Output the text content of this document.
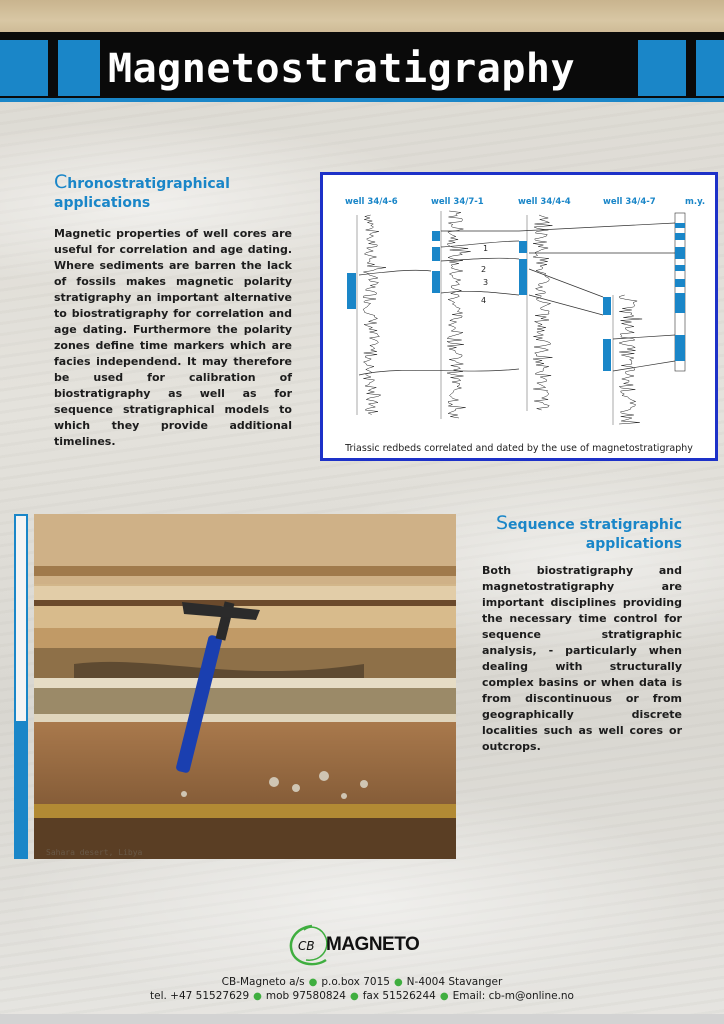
Magnetostratigraphy
Chronostratigraphical
applications
Magnetic properties of well cores are useful for correlation and age dating. Where sediments are barren the lack of fossils makes magnetic polarity stratigraphy an important alternative to biostratigraphy for correlation and age dating. Furthermore the polarity zones define time markers which are facies independend. It may therefore be used for calibration of biostratigraphy as well as for sequence stratigraphical models to which they provide additional timelines.
well 34/4-6	well 34/7-1	well 34/4-4	well 34/4-7	m.y.
1
2
3
4
Triassic redbeds correlated and dated by the use of magnetostratigraphy
Sequence stratigraphic
applications
Both biostratigraphy and magnetostratigraphy are important disciplines providing the necessary time control for sequence stratigraphic analysis, - particularly when dealing with structurally complex basins or when data is from discontinuous or from geographically discrete localities such as well cores or outcrops.
Sahara desert, Libya
CB MAGNETO
CB-Magneto a/s ● p.o.box 7015 ● N-4004 Stavanger
tel. +47 51527629 ● mob 97580824 ● fax 51526244 ● Email: cb-m@online.no
